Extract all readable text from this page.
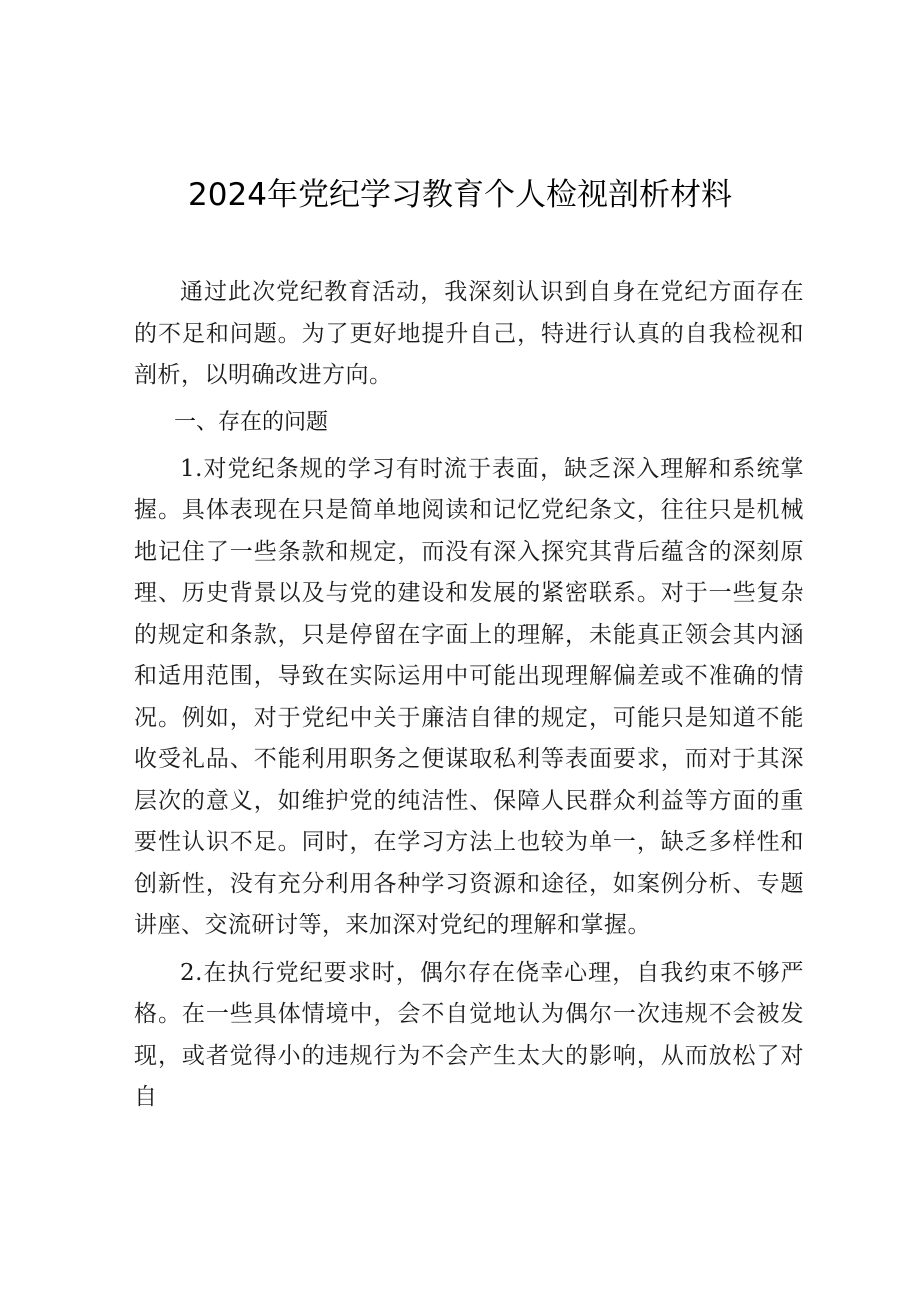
2024年党纪学习教育个人检视剖析材料

通过此次党纪教育活动，我深刻认识到自身在党纪方面存在的不足和问题。为了更好地提升自己，特进行认真的自我检视和剖析，以明确改进方向。

一、存在的问题

1.对党纪条规的学习有时流于表面，缺乏深入理解和系统掌握。具体表现在只是简单地阅读和记忆党纪条文，往往只是机械地记住了一些条款和规定，而没有深入探究其背后蕴含的深刻原理、历史背景以及与党的建设和发展的紧密联系。对于一些复杂的规定和条款，只是停留在字面上的理解，未能真正领会其内涵和适用范围，导致在实际运用中可能出现理解偏差或不准确的情况。例如，对于党纪中关于廉洁自律的规定，可能只是知道不能收受礼品、不能利用职务之便谋取私利等表面要求，而对于其深层次的意义，如维护党的纯洁性、保障人民群众利益等方面的重要性认识不足。同时，在学习方法上也较为单一，缺乏多样性和创新性，没有充分利用各种学习资源和途径，如案例分析、专题讲座、交流研讨等，来加深对党纪的理解和掌握。

2.在执行党纪要求时，偶尔存在侥幸心理，自我约束不够严格。在一些具体情境中，会不自觉地认为偶尔一次违规不会被发现，或者觉得小的违规行为不会产生太大的影响，从而放松了对自
